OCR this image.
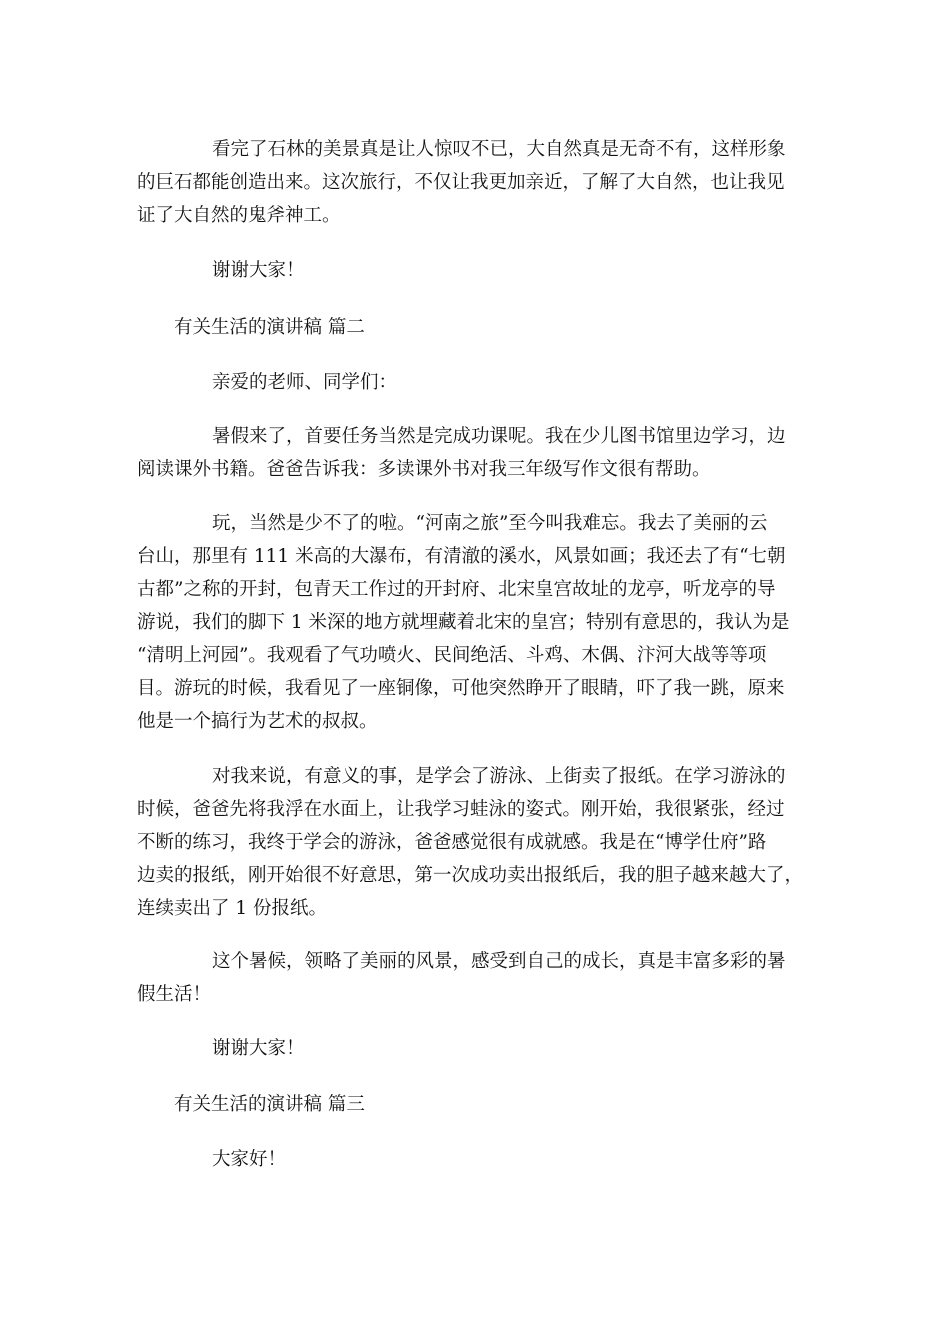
看完了石林的美景真是让人惊叹不已，大自然真是无奇不有，这样形象
的巨石都能创造出来。这次旅行，不仅让我更加亲近，了解了大自然，也让我见
证了大自然的鬼斧神工。

谢谢大家！

有关生活的演讲稿 篇二

亲爱的老师、同学们：

暑假来了，首要任务当然是完成功课呢。我在少儿图书馆里边学习，边
阅读课外书籍。爸爸告诉我：多读课外书对我三年级写作文很有帮助。

玩，当然是少不了的啦。“河南之旅”至今叫我难忘。我去了美丽的云
台山，那里有 111 米高的大瀑布，有清澈的溪水，风景如画；我还去了有“七朝
古都”之称的开封，包青天工作过的开封府、北宋皇宫故址的龙亭，听龙亭的导
游说，我们的脚下 1 米深的地方就埋藏着北宋的皇宫；特别有意思的，我认为是
“清明上河园”。我观看了气功喷火、民间绝活、斗鸡、木偶、汴河大战等等项
目。游玩的时候，我看见了一座铜像，可他突然睁开了眼睛，吓了我一跳，原来
他是一个搞行为艺术的叔叔。

对我来说，有意义的事，是学会了游泳、上街卖了报纸。在学习游泳的
时候，爸爸先将我浮在水面上，让我学习蛙泳的姿式。刚开始，我很紧张，经过
不断的练习，我终于学会的游泳，爸爸感觉很有成就感。我是在“博学仕府”路
边卖的报纸，刚开始很不好意思，第一次成功卖出报纸后，我的胆子越来越大了，
连续卖出了 1 份报纸。

这个暑候，领略了美丽的风景，感受到自己的成长，真是丰富多彩的暑
假生活！

谢谢大家！

有关生活的演讲稿 篇三

大家好！
